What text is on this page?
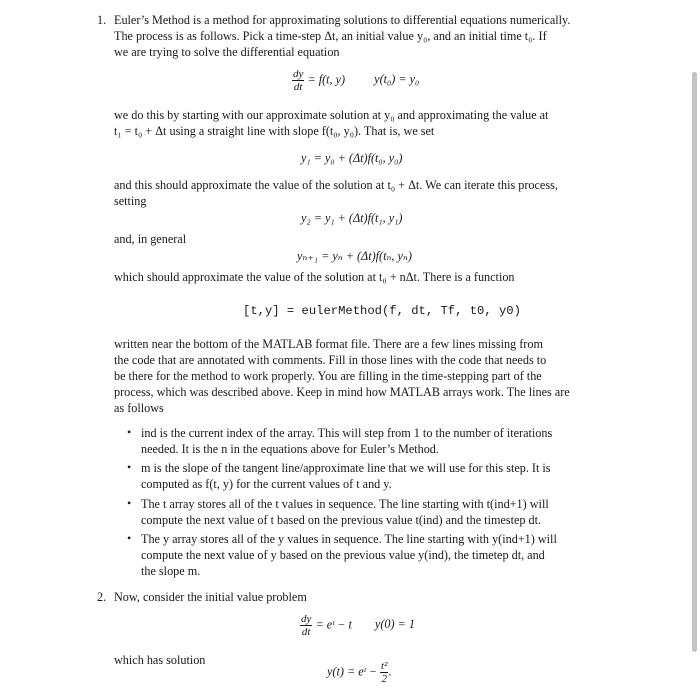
1. Euler’s Method is a method for approximating solutions to differential equations numerically.
The process is as follows. Pick a time-step Δt, an initial value y₀, and an initial time t₀. If
we are trying to solve the differential equation
$\frac{dy}{dt} = f(t$, y) y(t₀) = y₀
we do this by starting with our approximate solution at y₀ and approximating the value at
t₁ = t₀ + Δt using a straight line with slope f(t₀, y₀). That is, we set
y₁ = y₀ + (Δt)f(t₀, y₀)
and this should approximate the value of the solution at t₀ + Δt. We can iterate this process,
setting
y₂ = y₁ + (Δt)f(t₁, y₁)
and, in general
yₙ₊₁ = yₙ + (Δt)f(tₙ, yₙ)
which should approximate the value of the solution at t₀ + nΔt. There is a function
[t,y] = eulerMethod(f, dt, Tf, t0, y0)
written near the bottom of the MATLAB format file. There are a few lines missing from
the code that are annotated with comments. Fill in those lines with the code that needs to
be there for the method to work properly. You are filling in the time-stepping part of the
process, which was described above. Keep in mind how MATLAB arrays work. The lines are
as follows
• ind is the current index of the array. This will step from 1 to the number of iterations
needed. It is the n in the equations above for Euler’s Method.
• m is the slope of the tangent line/approximate line that we will use for this step. It is
computed as f(t, y) for the current values of t and y.
• The t array stores all of the t values in sequence. The line starting with t(ind+1) will
compute the next value of t based on the previous value t(ind) and the timestep dt.
• The y array stores all of the y values in sequence. The line starting with y(ind+1) will
compute the next value of y based on the previous value y(ind), the timetep dt, and
the slope m.
2. Now, consider the initial value problem
$\frac{dy}{dt}$ = eᵗ − t y(0) = 1
which has solution
y(t) = eᵗ − $\frac{\text{t²}}{2}$ .
